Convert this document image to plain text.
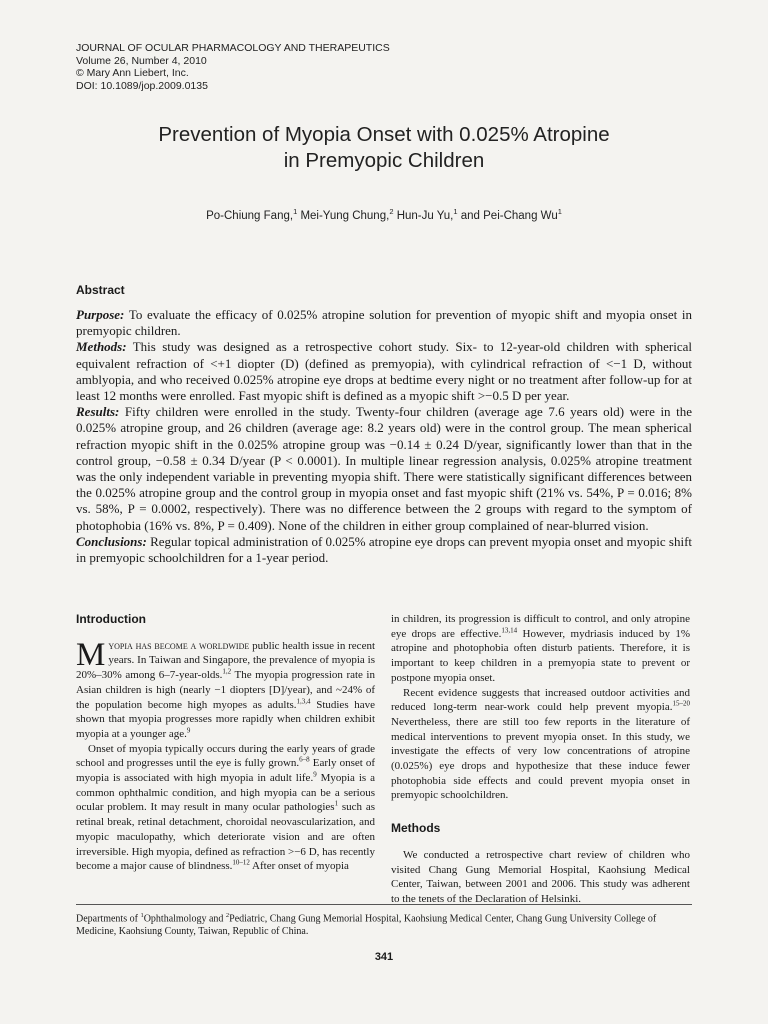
JOURNAL OF OCULAR PHARMACOLOGY AND THERAPEUTICS
Volume 26, Number 4, 2010
© Mary Ann Liebert, Inc.
DOI: 10.1089/jop.2009.0135
Prevention of Myopia Onset with 0.025% Atropine
in Premyopic Children
Po-Chiung Fang,$^1$ Mei-Yung Chung,$^2$ Hun-Ju Yu,$^1$ and Pei-Chang Wu$^1$
Abstract

Purpose: To evaluate the efficacy of 0.025% atropine solution for prevention of myopic shift and myopia onset in premyopic children.

Methods: This study was designed as a retrospective cohort study. Six- to 12-year-old children with spherical equivalent refraction of <+1 diopter (D) (defined as premyopia), with cylindrical refraction of <−1 D, without amblyopia, and who received 0.025% atropine eye drops at bedtime every night or no treatment after follow-up for at least 12 months were enrolled. Fast myopic shift is defined as a myopic shift >−0.5 D per year.

Results: Fifty children were enrolled in the study. Twenty-four children (average age 7.6 years old) were in the 0.025% atropine group, and 26 children (average age: 8.2 years old) were in the control group. The mean spherical refraction myopic shift in the 0.025% atropine group was −0.14 ± 0.24 D/year, significantly lower than that in the control group, −0.58 ± 0.34 D/year (P < 0.0001). In multiple linear regression analysis, 0.025% atropine treatment was the only independent variable in preventing myopia shift. There were statistically significant differences between the 0.025% atropine group and the control group in myopia onset and fast myopic shift (21% vs. 54%, P = 0.016; 8% vs. 58%, P = 0.0002, respectively). There was no difference between the 2 groups with regard to the symptom of photophobia (16% vs. 8%, P = 0.409). None of the children in either group complained of near-blurred vision.

Conclusions: Regular topical administration of 0.025% atropine eye drops can prevent myopia onset and myopic shift in premyopic schoolchildren for a 1-year period.

Introduction

Myopia has become a worldwide public health issue in recent years. In Taiwan and Singapore, the prevalence of myopia is 20%–30% among 6–7-year-olds.$^{1,2}$ The myopia progression rate in Asian children is high (nearly −1 diopters [D]/year), and ~24% of the population become high myopes as adults.$^{1,3,4}$ Studies have shown that myopia progresses more rapidly when children exhibit myopia at a younger age.$^9$

Onset of myopia typically occurs during the early years of grade school and progresses until the eye is fully grown.$^{6-8}$ Early onset of myopia is associated with high myopia in adult life.$^9$ Myopia is a common ophthalmic condition, and high myopia can be a serious ocular problem. It may result in many ocular pathologies$^1$ such as retinal break, retinal detachment, choroidal neovascularization, and myopic maculopathy, which deteriorate vision and are often irreversible. High myopia, defined as refraction >−6 D, has recently become a major cause of blindness.$^{10-12}$ After onset of myopia

in children, its progression is difficult to control, and only atropine eye drops are effective.$^{13,14}$ However, mydriasis induced by 1% atropine and photophobia often disturb patients. Therefore, it is important to keep children in a premyopia state to prevent or postpone myopia onset.

Recent evidence suggests that increased outdoor activities and reduced long-term near-work could help prevent myopia.$^{15-20}$ Nevertheless, there are still too few reports in the literature of medical interventions to prevent myopia onset. In this study, we investigate the effects of very low concentrations of atropine (0.025%) eye drops and hypothesize that these induce fewer photophobia side effects and could prevent myopia onset in premyopic schoolchildren.

Methods

We conducted a retrospective chart review of children who visited Chang Gung Memorial Hospital, Kaohsiung Medical Center, Taiwan, between 2001 and 2006. This study was adherent to the tenets of the Declaration of Helsinki.

Departments of $^1$Ophthalmology and $^2$Pediatric, Chang Gung Memorial Hospital, Kaohsiung Medical Center, Chang Gung University College of Medicine, Kaohsiung County, Taiwan, Republic of China.
341
